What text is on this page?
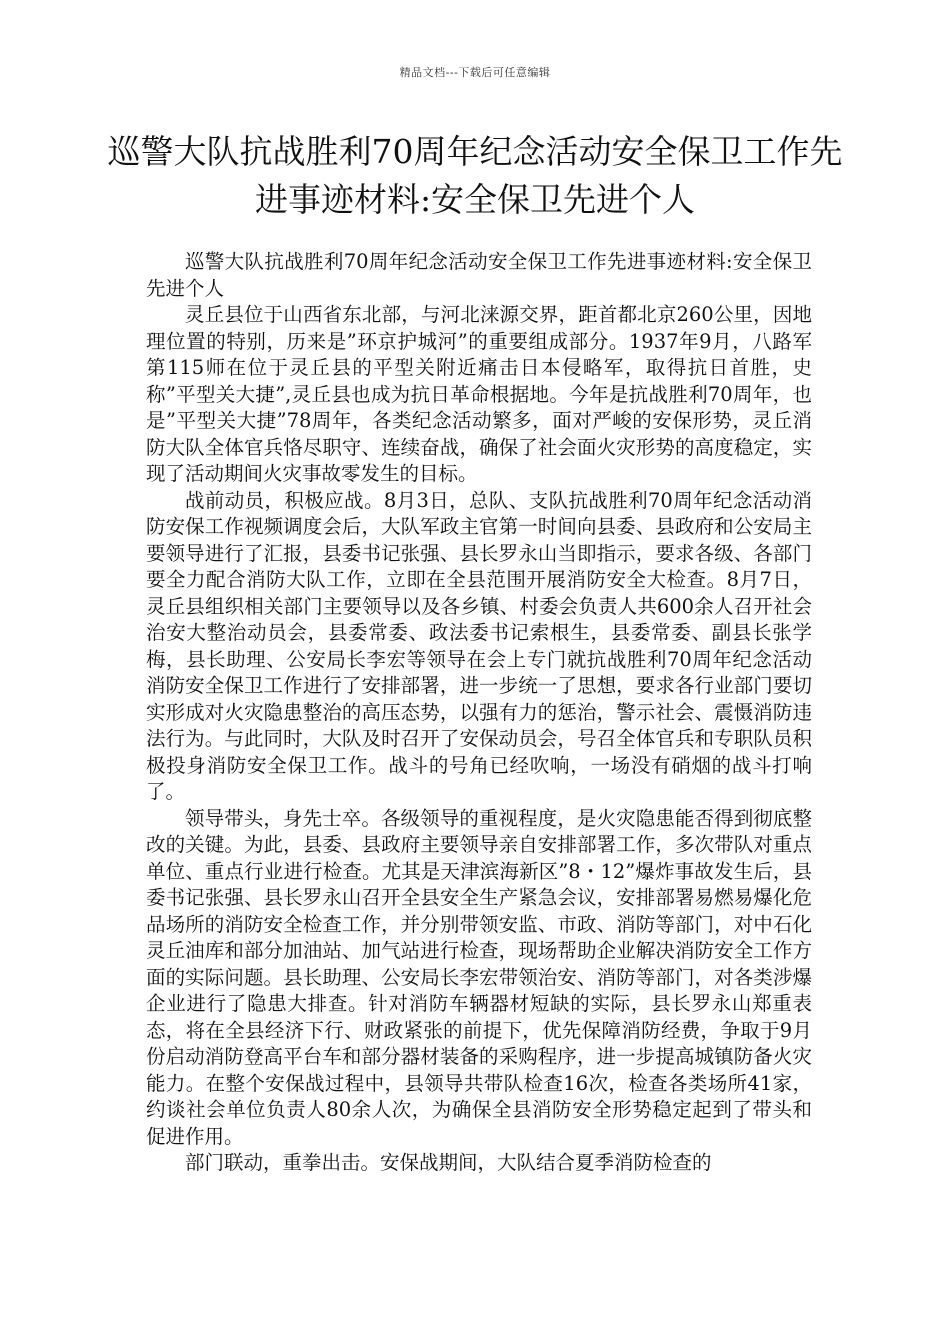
精品文档---下载后可任意编辑
巡警大队抗战胜利70周年纪念活动安全保卫工作先进事迹材料:安全保卫先进个人

巡警大队抗战胜利70周年纪念活动安全保卫工作先进事迹材料:安全保卫先进个人

灵丘县位于山西省东北部，与河北涞源交界，距首都北京260公里，因地理位置的特别，历来是”环京护城河”的重要组成部分。1937年9月，八路军第115师在位于灵丘县的平型关附近痛击日本侵略军，取得抗日首胜，史称”平型关大捷”,灵丘县也成为抗日革命根据地。今年是抗战胜利70周年，也是”平型关大捷”78周年，各类纪念活动繁多，面对严峻的安保形势，灵丘消防大队全体官兵恪尽职守、连续奋战，确保了社会面火灾形势的高度稳定，实现了活动期间火灾事故零发生的目标。

战前动员，积极应战。8月3日，总队、支队抗战胜利70周年纪念活动消防安保工作视频调度会后，大队军政主官第一时间向县委、县政府和公安局主要领导进行了汇报，县委书记张强、县长罗永山当即指示，要求各级、各部门要全力配合消防大队工作，立即在全县范围开展消防安全大检查。8月7日，灵丘县组织相关部门主要领导以及各乡镇、村委会负责人共600余人召开社会治安大整治动员会，县委常委、政法委书记索根生，县委常委、副县长张学梅，县长助理、公安局长李宏等领导在会上专门就抗战胜利70周年纪念活动消防安全保卫工作进行了安排部署，进一步统一了思想，要求各行业部门要切实形成对火灾隐患整治的高压态势，以强有力的惩治，警示社会、震慑消防违法行为。与此同时，大队及时召开了安保动员会，号召全体官兵和专职队员积极投身消防安全保卫工作。战斗的号角已经吹响，一场没有硝烟的战斗打响了。

领导带头，身先士卒。各级领导的重视程度，是火灾隐患能否得到彻底整改的关键。为此，县委、县政府主要领导亲自安排部署工作，多次带队对重点单位、重点行业进行检查。尤其是天津滨海新区”8・12”爆炸事故发生后，县委书记张强、县长罗永山召开全县安全生产紧急会议，安排部署易燃易爆化危品场所的消防安全检查工作，并分别带领安监、市政、消防等部门，对中石化灵丘油库和部分加油站、加气站进行检查，现场帮助企业解决消防安全工作方面的实际问题。县长助理、公安局长李宏带领治安、消防等部门，对各类涉爆企业进行了隐患大排查。针对消防车辆器材短缺的实际，县长罗永山郑重表态，将在全县经济下行、财政紧张的前提下，优先保障消防经费，争取于9月份启动消防登高平台车和部分器材装备的采购程序，进一步提高城镇防备火灾能力。在整个安保战过程中，县领导共带队检查16次，检查各类场所41家，约谈社会单位负责人80余人次，为确保全县消防安全形势稳定起到了带头和促进作用。

部门联动，重拳出击。安保战期间，大队结合夏季消防检查的
